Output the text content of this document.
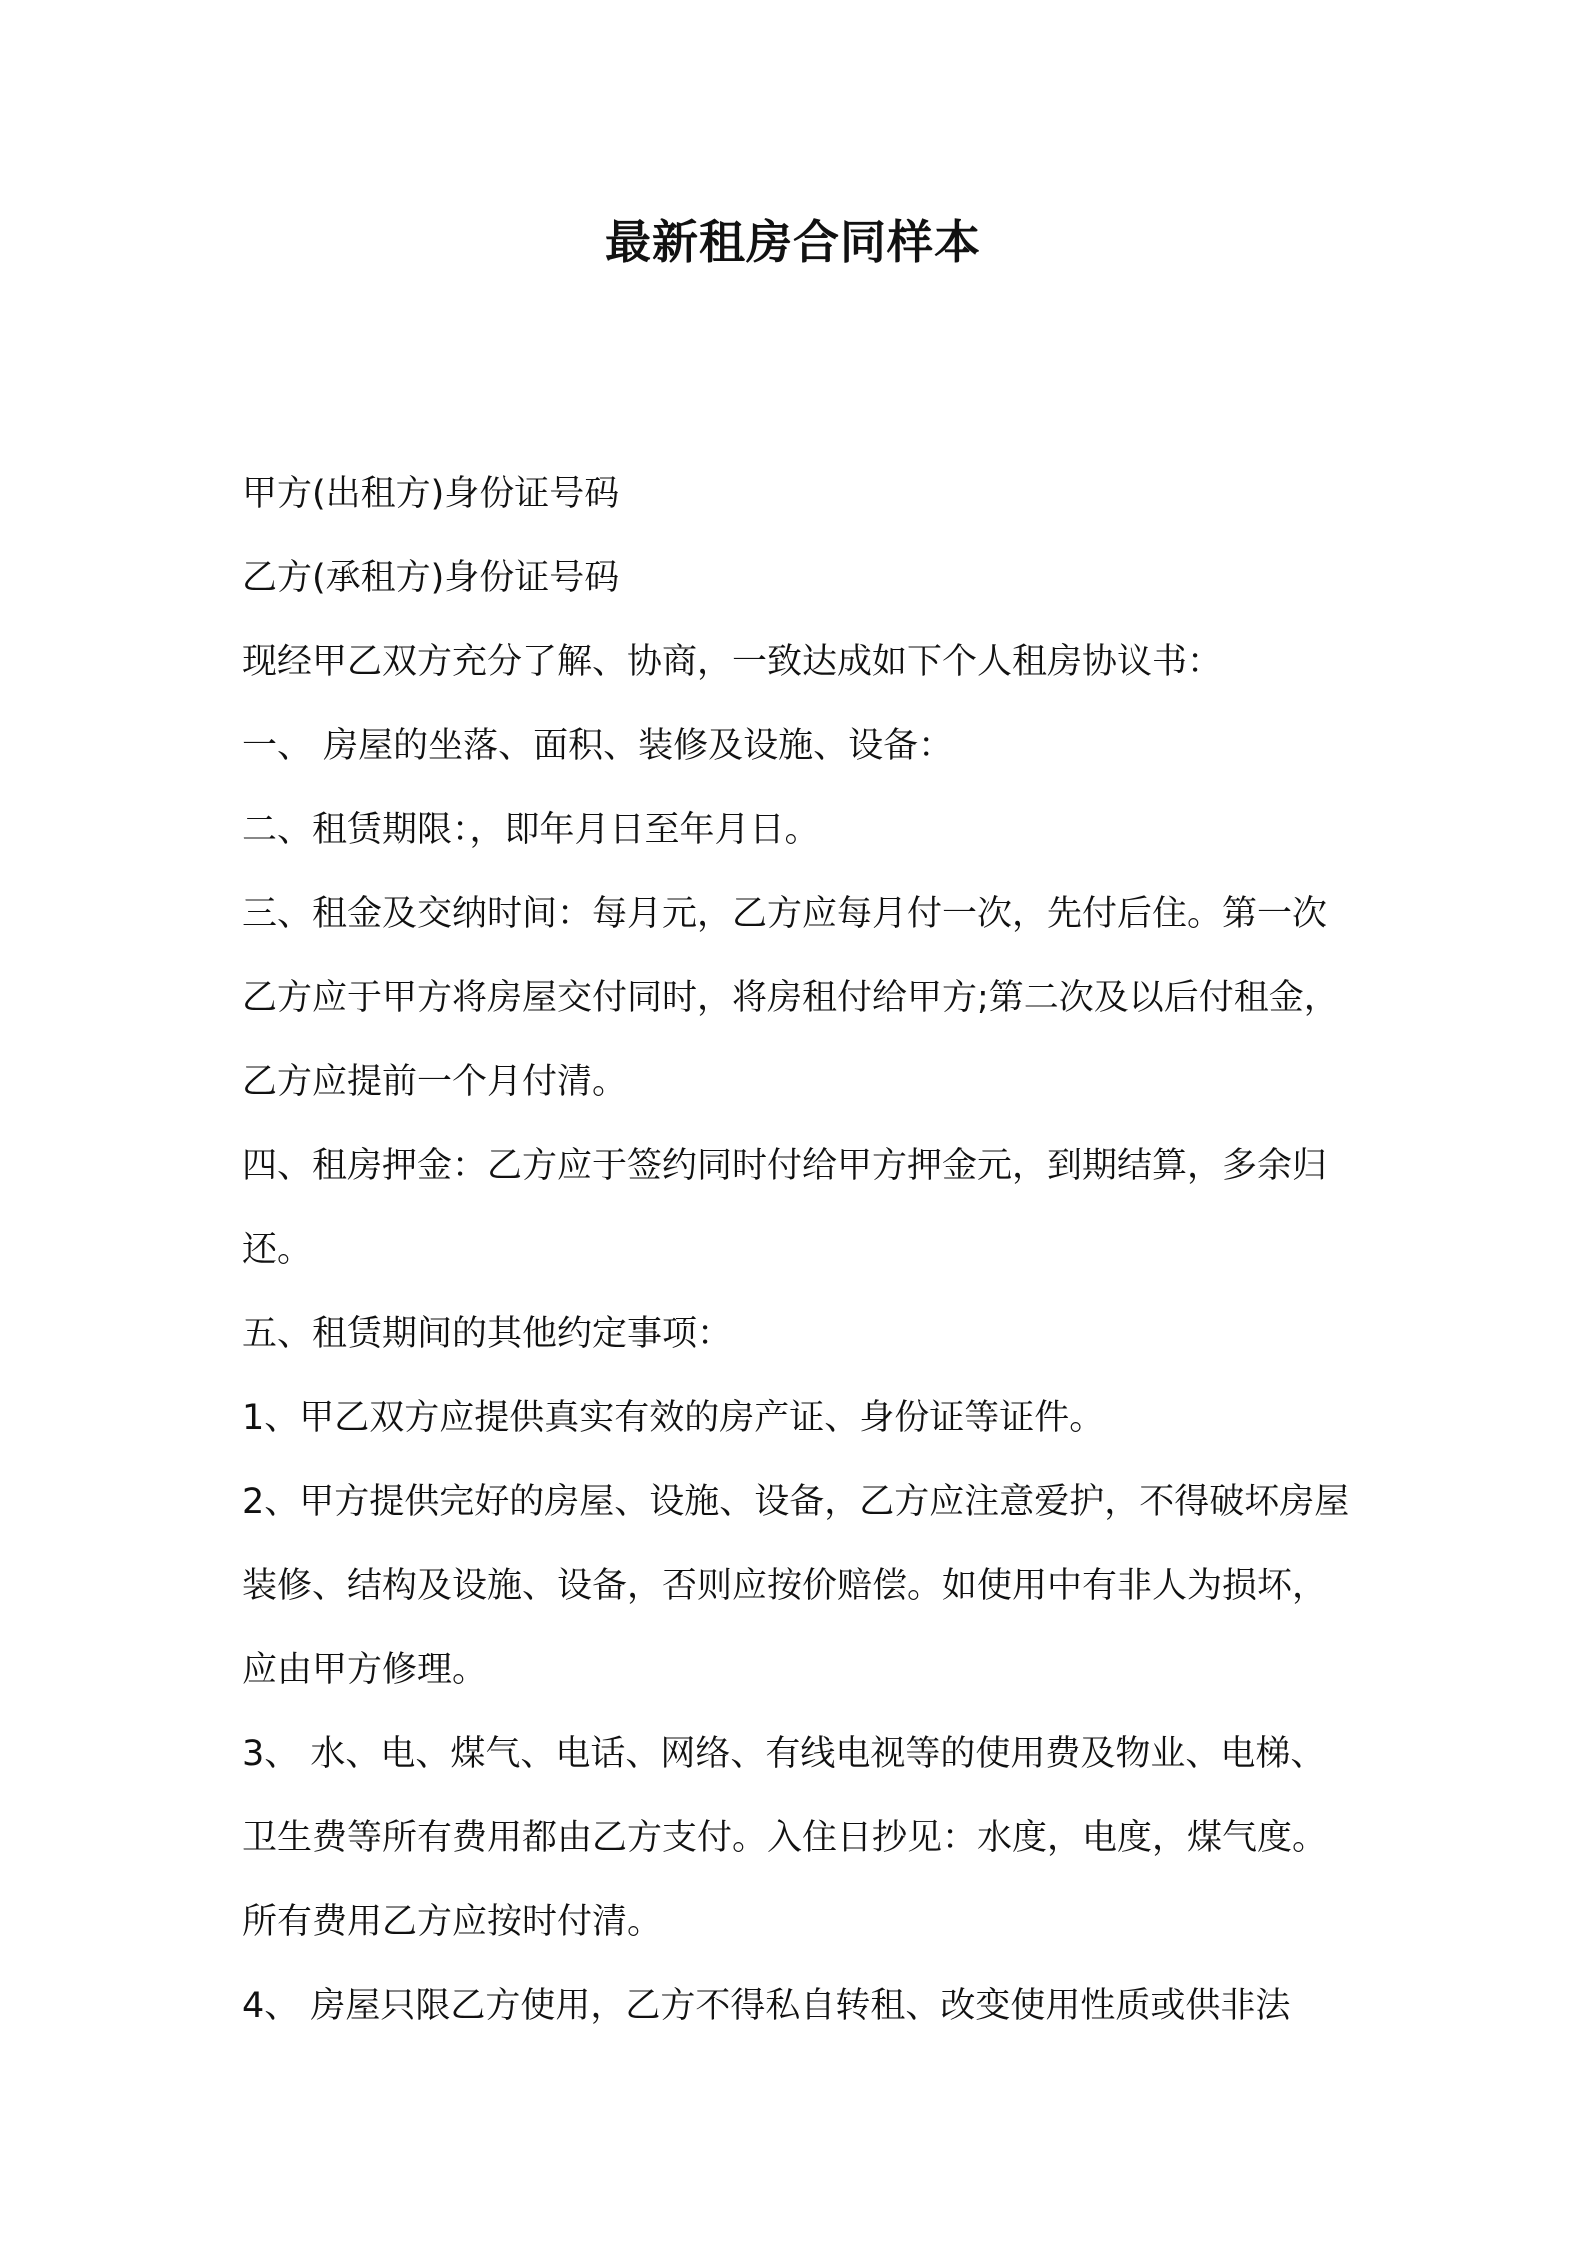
最新租房合同样本

甲方(出租方)身份证号码

乙方(承租方)身份证号码

现经甲乙双方充分了解、协商，一致达成如下个人租房协议书：

一、 房屋的坐落、面积、装修及设施、设备：

二、租赁期限：，即年月日至年月日。

三、租金及交纳时间：每月元，乙方应每月付一次，先付后住。第一次乙方应于甲方将房屋交付同时，将房租付给甲方;第二次及以后付租金，乙方应提前一个月付清。

四、租房押金：乙方应于签约同时付给甲方押金元，到期结算，多余归还。

五、租赁期间的其他约定事项：

1、甲乙双方应提供真实有效的房产证、身份证等证件。

2、甲方提供完好的房屋、设施、设备，乙方应注意爱护，不得破坏房屋装修、结构及设施、设备，否则应按价赔偿。如使用中有非人为损坏，应由甲方修理。

3、 水、电、煤气、电话、网络、有线电视等的使用费及物业、电梯、卫生费等所有费用都由乙方支付。入住日抄见：水度，电度，煤气度。所有费用乙方应按时付清。

4、 房屋只限乙方使用，乙方不得私自转租、改变使用性质或供非法
